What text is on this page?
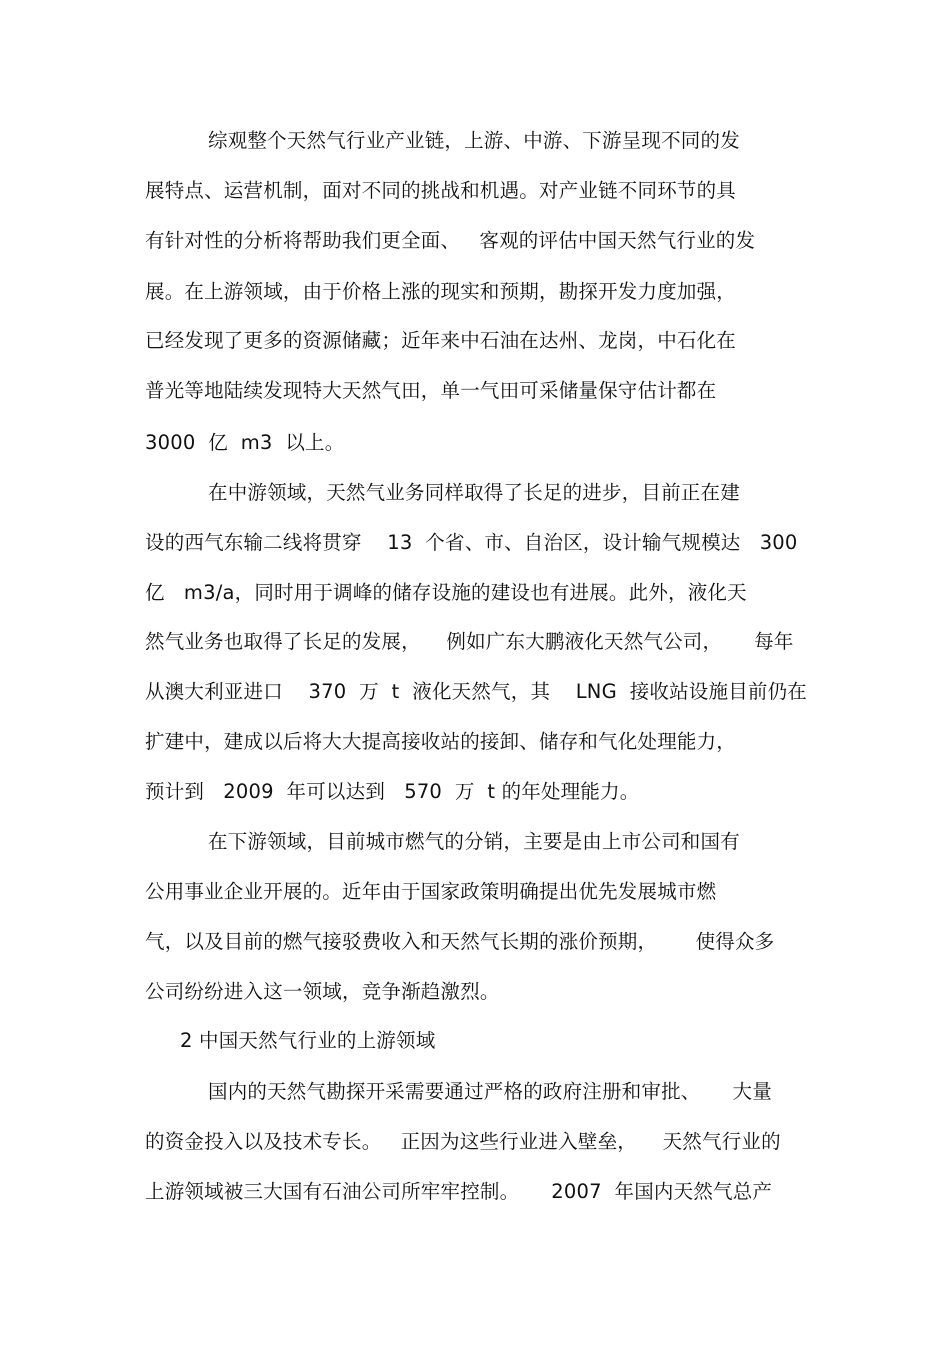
综观整个天然气行业产业链，上游、中游、下游呈现不同的发
展特点、运营机制，面对不同的挑战和机遇。对产业链不同环节的具
有针对性的分析将帮助我们更全面、   客观的评估中国天然气行业的发
展。在上游领域，由于价格上涨的现实和预期，勘探开发力度加强，
已经发现了更多的资源储藏；近年来中石油在达州、龙岗，中石化在
普光等地陆续发现特大天然气田，单一气田可采储量保守估计都在
3000  亿  m3  以上。
在中游领域，天然气业务同样取得了长足的进步，目前正在建
设的西气东输二线将贯穿    13  个省、市、自治区，设计输气规模达   300
亿   m3/a，同时用于调峰的储存设施的建设也有进展。此外，液化天
然气业务也取得了长足的发展，    例如广东大鹏液化天然气公司，     每年
从澳大利亚进口    370  万  t  液化天然气，其    LNG  接收站设施目前仍在
扩建中，建成以后将大大提高接收站的接卸、储存和气化处理能力，
预计到   2009  年可以达到   570  万  t 的年处理能力。
在下游领域，目前城市燃气的分销，主要是由上市公司和国有
公用事业企业开展的。近年由于国家政策明确提出优先发展城市燃
气，以及目前的燃气接驳费收入和天然气长期的涨价预期，      使得众多
公司纷纷进入这一领域，竞争渐趋激烈。
2 中国天然气行业的上游领域
国内的天然气勘探开采需要通过严格的政府注册和审批、     大量
的资金投入以及技术专长。   正因为这些行业进入壁垒，    天然气行业的
上游领域被三大国有石油公司所牢牢控制。     2007  年国内天然气总产
